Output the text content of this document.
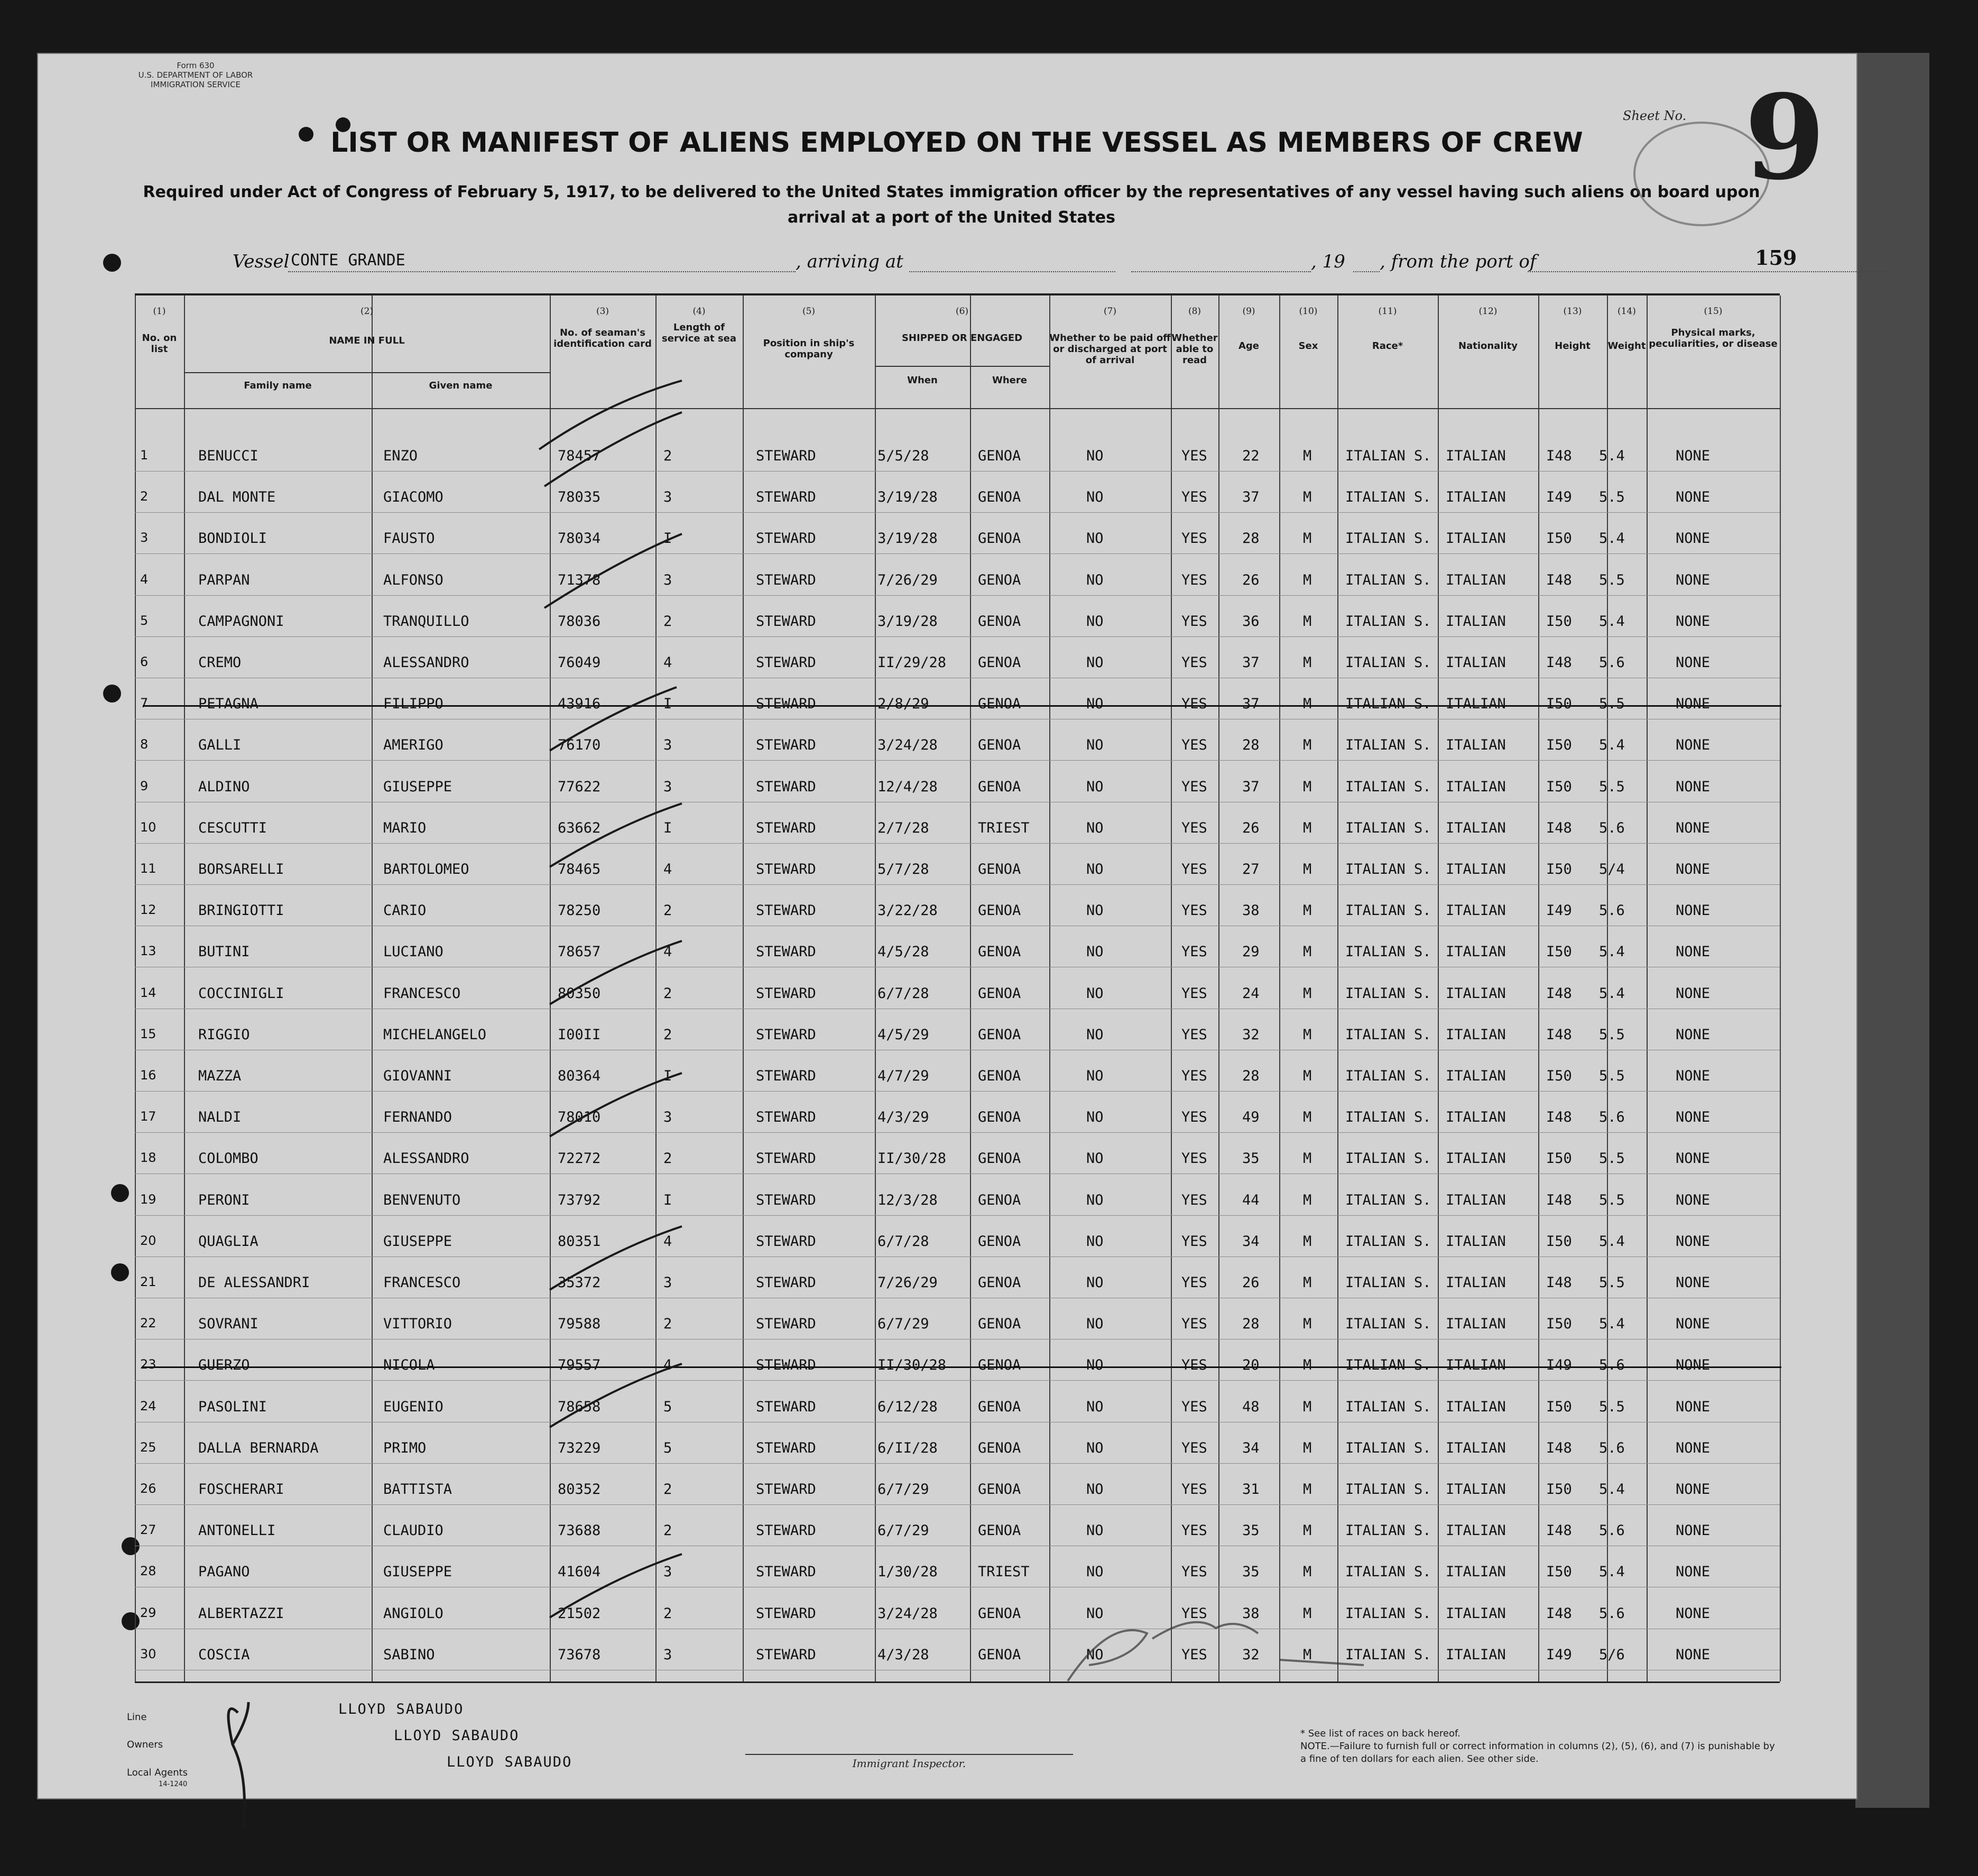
Form 630
U.S. DEPARTMENT OF LABOR
IMMIGRATION SERVICE
LIST OR MANIFEST OF ALIENS EMPLOYED ON THE VESSEL AS MEMBERS OF CREW
Required under Act of Congress of February 5, 1917, to be delivered to the United States immigration officer by the representatives of any vessel having such aliens on board upon arrival at a port of the United States
Sheet No. 9
Vessel CONTE GRANDE	, arriving at	, 19 , from the port of	159
(1)	(2)	(3)	(4)	(5)	(6)	(7)	(8)	(9)	(10)	(11)	(12)	(13)	(14)	(15)
No. on list
NAME IN FULL
Family name	Given name
No. of seaman's identification card
Length of service at sea	Position in ship's company
SHIPPED OR ENGAGED
When	Where
Whether to be paid off or discharged at port of arrival
Whether able to read
Age	Sex	Race*	Nationality	Height	Weight
Physical marks, peculiarities, or disease
1	BENUCCI	ENZO	78457	2	STEWARD	5/5/28	GENOA	NO	YES 22	M ITALIAN S. ITALIAN	I48 5.4	NONE
2	DAL MONTE	GIACOMO	78035	3	STEWARD	3/19/28	GENOA	NO	YES 37	M ITALIAN S. ITALIAN	I49 5.5	NONE
3	BONDIOLI	FAUSTO	78034	I	STEWARD	3/19/28	GENOA	NO	YES 28	M ITALIAN S. ITALIAN	I50 5.4	NONE
4	PARPAN	ALFONSO	71378	3	STEWARD	7/26/29	GENOA	NO	YES 26	M ITALIAN S. ITALIAN	I48 5.5	NONE
5	CAMPAGNONI	TRANQUILLO	78036	2	STEWARD	3/19/28	GENOA	NO	YES 36	M ITALIAN S. ITALIAN	I50 5.4	NONE
6	CREMO	ALESSANDRO	76049	4	STEWARD	II/29/28 GENOA	NO	YES 37	M ITALIAN S. ITALIAN	I48 5.6	NONE
7	PETAGNA	FILIPPO	43916	I	STEWARD	2/8/29	GENOA	NO	YES 37	M ITALIAN S. ITALIAN	I50 5.5	NONE
8	GALLI	AMERIGO	76170	3	STEWARD	3/24/28	GENOA	NO	YES 28	M ITALIAN S. ITALIAN	I50 5.4	NONE
9	ALDINO	GIUSEPPE	77622	3	STEWARD	12/4/28	GENOA	NO	YES 37	M ITALIAN S. ITALIAN	I50 5.5	NONE
10	CESCUTTI	MARIO	63662	I	STEWARD	2/7/28	TRIEST	NO	YES 26	M ITALIAN S. ITALIAN	I48 5.6	NONE
11	BORSARELLI	BARTOLOMEO	78465	4	STEWARD	5/7/28	GENOA	NO	YES 27	M ITALIAN S. ITALIAN	I50 5/4	NONE
12	BRINGIOTTI	CARIO	78250	2	STEWARD	3/22/28	GENOA	NO	YES 38	M ITALIAN S. ITALIAN	I49 5.6	NONE
13	BUTINI	LUCIANO	78657	4	STEWARD	4/5/28	GENOA	NO	YES 29	M ITALIAN S. ITALIAN	I50 5.4	NONE
14	COCCINIGLI	FRANCESCO	80350	2	STEWARD	6/7/28	GENOA	NO	YES 24	M ITALIAN S. ITALIAN	I48 5.4	NONE
15	RIGGIO	MICHELANGELO	I00II	2	STEWARD	4/5/29	GENOA	NO	YES 32	M ITALIAN S. ITALIAN	I48 5.5	NONE
16	MAZZA	GIOVANNI	80364	I	STEWARD	4/7/29	GENOA	NO	YES 28	M ITALIAN S. ITALIAN	I50 5.5	NONE
17	NALDI	FERNANDO	78010	3	STEWARD	4/3/29	GENOA	NO	YES 49	M ITALIAN S. ITALIAN	I48 5.6	NONE
18	COLOMBO	ALESSANDRO	72272	2	STEWARD	II/30/28 GENOA	NO	YES 35	M ITALIAN S. ITALIAN	I50 5.5	NONE
19	PERONI	BENVENUTO	73792	I	STEWARD	12/3/28	GENOA	NO	YES 44	M ITALIAN S. ITALIAN	I48 5.5	NONE
20	QUAGLIA	GIUSEPPE	80351	4	STEWARD	6/7/28	GENOA	NO	YES 34	M ITALIAN S. ITALIAN	I50 5.4	NONE
21	DE ALESSANDRI	FRANCESCO	35372	3	STEWARD	7/26/29	GENOA	NO	YES 26	M ITALIAN S. ITALIAN	I48 5.5	NONE
22	SOVRANI	VITTORIO	79588	2	STEWARD	6/7/29	GENOA	NO	YES 28	M ITALIAN S. ITALIAN	I50 5.4	NONE
23	GUERZO	NICOLA	79557	4	STEWARD	II/30/28 GENOA	NO	YES 20	M ITALIAN S. ITALIAN	I49 5.6	NONE
24	PASOLINI	EUGENIO	78658	5	STEWARD	6/12/28	GENOA	NO	YES 48	M ITALIAN S. ITALIAN	I50 5.5	NONE
25	DALLA BERNARDA	PRIMO	73229	5	STEWARD	6/II/28	GENOA	NO	YES 34	M ITALIAN S. ITALIAN	I48 5.6	NONE
26	FOSCHERARI	BATTISTA	80352	2	STEWARD	6/7/29	GENOA	NO	YES 31	M ITALIAN S. ITALIAN	I50 5.4	NONE
27	ANTONELLI	CLAUDIO	73688	2	STEWARD	6/7/29	GENOA	NO	YES 35	M ITALIAN S. ITALIAN	I48 5.6	NONE
28	PAGANO	GIUSEPPE	41604	3	STEWARD	1/30/28	TRIEST	NO	YES 35	M ITALIAN S. ITALIAN	I50 5.4	NONE
29	ALBERTAZZI	ANGIOLO	21502	2	STEWARD	3/24/28	GENOA	NO	YES 38	M ITALIAN S. ITALIAN	I48 5.6	NONE
30	COSCIA	SABINO	73678	3	STEWARD	4/3/28	GENOA	NO	YES 32	M ITALIAN S. ITALIAN	I49 5/6	NONE
Line	LLOYD SABAUDO
Owners
LLOYD SABAUDO
Local Agents
LLOYD SABAUDO
14-1240
Immigrant Inspector.
* See list of races on back hereof.
NOTE.—Failure to furnish full or correct information in columns (2), (5), (6), and (7) is punishable by a fine of ten dollars for each alien. See other side.
